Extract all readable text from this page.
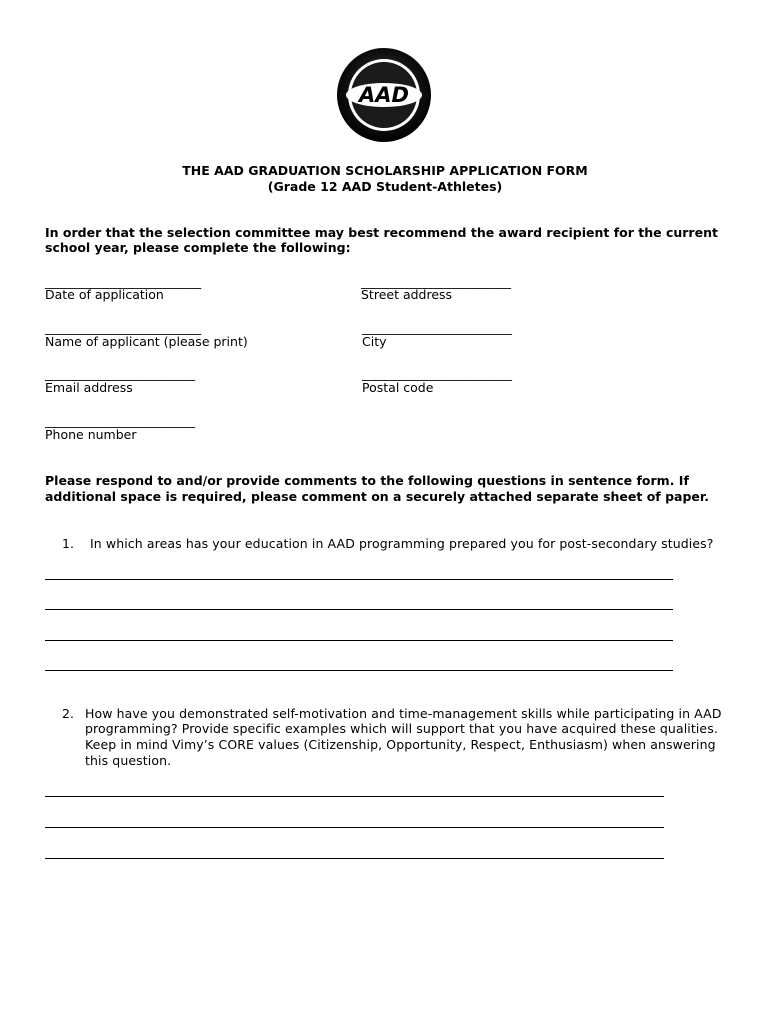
AAD
THE AAD GRADUATION SCHOLARSHIP APPLICATION FORM
(Grade 12 AAD Student-Athletes)
In order that the selection committee may best recommend the award recipient for the current
school year, please complete the following:
_________________________
Date of application
_________________________
Name of applicant (please print)
________________________
Email address
________________________
Phone number
________________________
Street address
________________________
City
________________________
Postal code
Please respond to and/or provide comments to the following questions in sentence form. If
additional space is required, please comment on a securely attached separate sheet of paper.
1. In which areas has your education in AAD programming prepared you for post-secondary studies?
2. How have you demonstrated self-motivation and time-management skills while participating in AAD
programming? Provide specific examples which will support that you have acquired these qualities.
Keep in mind Vimy’s CORE values (Citizenship, Opportunity, Respect, Enthusiasm) when answering
this question.
